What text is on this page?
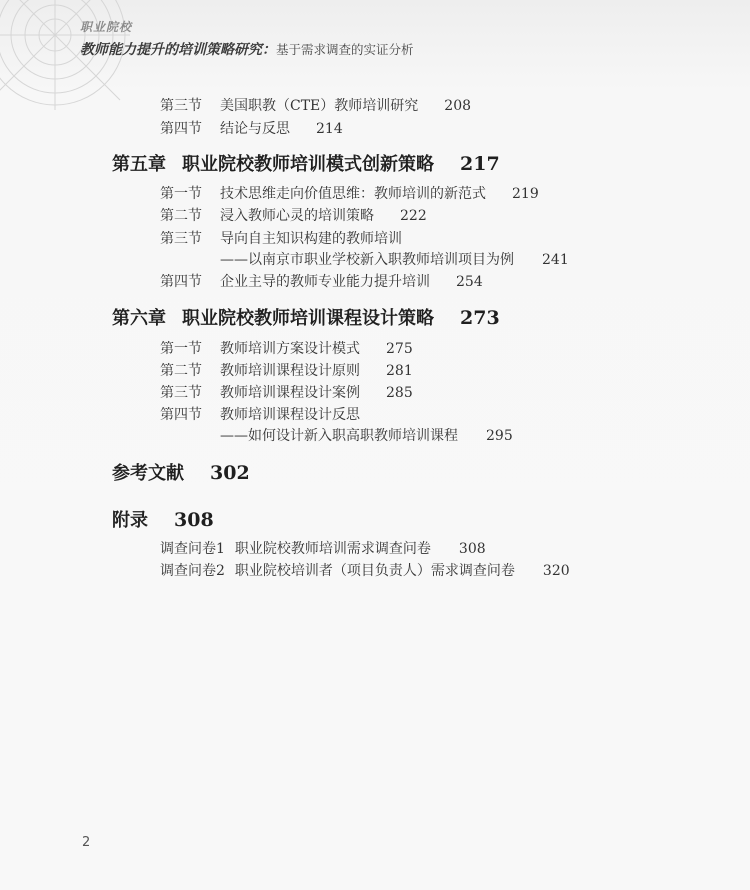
职业院校
教师能力提升的培训策略研究：基于需求调查的实证分析
第三节 美国职教（CTE）教师培训研究 208
第四节 结论与反思 214
第五章 职业院校教师培训模式创新策略 217
第一节 技术思维走向价值思维：教师培训的新范式 219
第二节 浸入教师心灵的培训策略 222
第三节 导向自主知识构建的教师培训
——以南京市职业学校新入职教师培训项目为例 241
第四节 企业主导的教师专业能力提升培训 254
第六章 职业院校教师培训课程设计策略 273
第一节 教师培训方案设计模式 275
第二节 教师培训课程设计原则 281
第三节 教师培训课程设计案例 285
第四节 教师培训课程设计反思
——如何设计新入职高职教师培训课程 295
参考文献 302
附录 308
调查问卷1 职业院校教师培训需求调查问卷 308
调查问卷2 职业院校培训者（项目负责人）需求调查问卷 320
2
